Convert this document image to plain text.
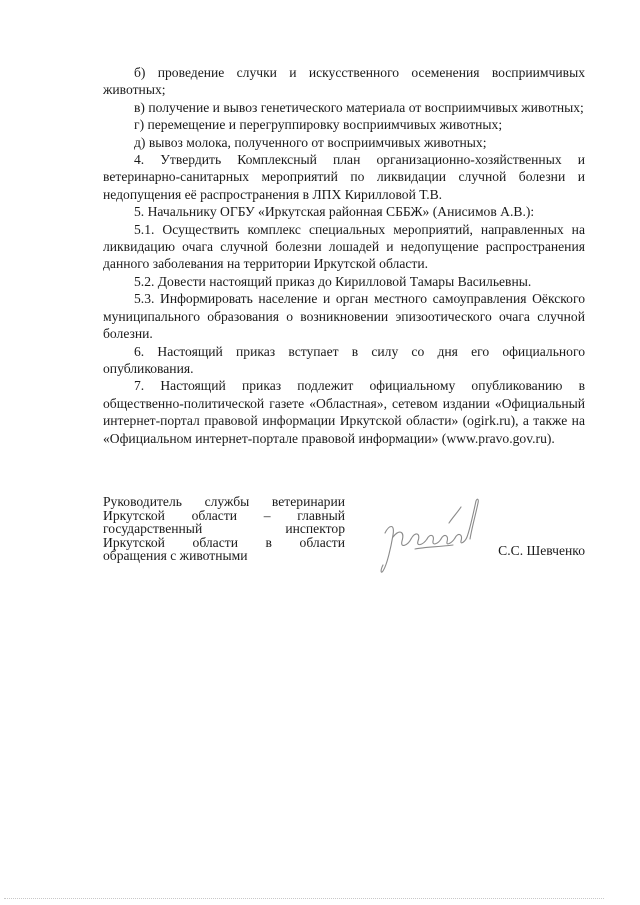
б) проведение случки и искусственного осеменения восприимчивых животных;

в) получение и вывоз генетического материала от восприимчивых животных;

г) перемещение и перегруппировку восприимчивых животных;

д) вывоз молока, полученного от восприимчивых животных;

4. Утвердить Комплексный план организационно-хозяйственных и ветеринарно-санитарных мероприятий по ликвидации случной болезни и недопущения её распространения в ЛПХ Кирилловой Т.В.

5. Начальнику ОГБУ «Иркутская районная СББЖ» (Анисимов А.В.):

5.1. Осуществить комплекс специальных мероприятий, направленных на ликвидацию очага случной болезни лошадей и недопущение распространения данного заболевания на территории Иркутской области.

5.2. Довести настоящий приказ до Кирилловой Тамары Васильевны.

5.3. Информировать население и орган местного самоуправления Оёкского муниципального образования о возникновении эпизоотического очага случной болезни.

6. Настоящий приказ вступает в силу со дня его официального опубликования.

7. Настоящий приказ подлежит официальному опубликованию в общественно-политической газете «Областная», сетевом издании «Официальный интернет-портал правовой информации Иркутской области» (ogirk.ru), а также на «Официальном интернет-портале правовой информации» (www.pravo.gov.ru).

Руководитель службы ветеринарии
Иркутской области – главный
государственный инспектор
Иркутской области в области
обращения с животными	С.С. Шевченко
